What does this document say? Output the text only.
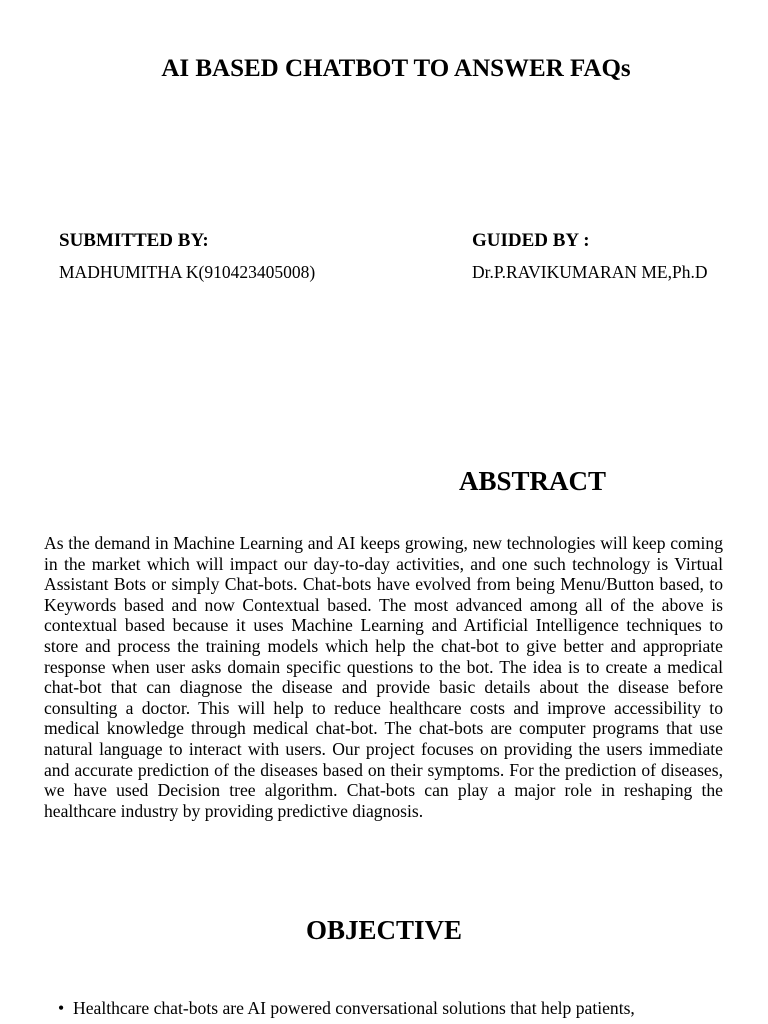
AI BASED CHATBOT TO ANSWER FAQs

SUBMITTED BY:

MADHUMITHA K(910423405008)

GUIDED BY :

Dr.P.RAVIKUMARAN ME,Ph.D

ABSTRACT

As the demand in Machine Learning and AI keeps growing, new technologies will keep coming in the market which will impact our day-to-day activities, and one such technology is Virtual Assistant Bots or simply Chat-bots. Chat-bots have evolved from being Menu/Button based, to Keywords based and now Contextual based. The most advanced among all of the above is contextual based because it uses Machine Learning and Artificial Intelligence techniques to store and process the training models which help the chat-bot to give better and appropriate response when user asks domain specific questions to the bot. The idea is to create a medical chat-bot that can diagnose the disease and provide basic details about the disease before consulting a doctor. This will help to reduce healthcare costs and improve accessibility to medical knowledge through medical chat-bot. The chat-bots are computer programs that use natural language to interact with users. Our project focuses on providing the users immediate and accurate prediction of the diseases based on their symptoms. For the prediction of diseases, we have used Decision tree algorithm. Chat-bots can play a major role in reshaping the healthcare industry by providing predictive diagnosis.

OBJECTIVE
• Healthcare chat-bots are AI powered conversational solutions that help patients,
